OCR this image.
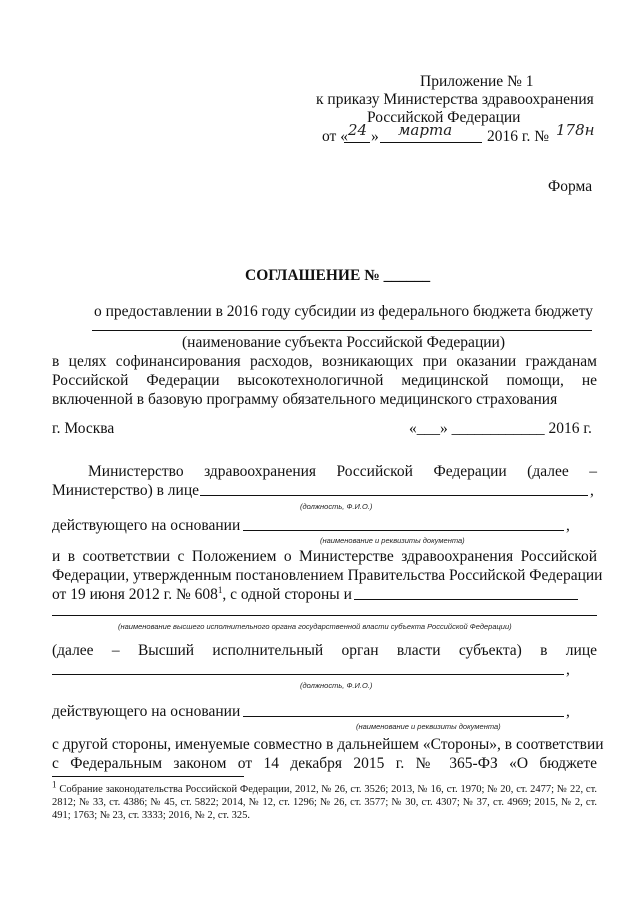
Приложение № 1
к приказу Министерства здравоохранения
Российской Федерации
от « 24 » марта 2016 г. № 178н
Форма
СОГЛАШЕНИЕ № ______
о предоставлении в 2016 году субсидии из федерального бюджета бюджету
(наименование субъекта Российской Федерации)
в целях софинансирования расходов, возникающих при оказании гражданам
Российской Федерации высокотехнологичной медицинской помощи, не
включенной в базовую программу обязательного медицинского страхования
г. Москва	«___» ____________ 2016 г.
Министерство здравоохранения Российской Федерации (далее –
Министерство) в лице	,
(должность, Ф.И.О.)
действующего на основании	,
(наименование и реквизиты документа)
и в соответствии с Положением о Министерстве здравоохранения Российской
Федерации, утвержденным постановлением Правительства Российской Федерации
от 19 июня 2012 г. № $608^1$, с одной стороны и
(наименование высшего исполнительного органа государственной власти субъекта Российской Федерации)
(далее – Высший исполнительный орган власти субъекта) в лице
,
(должность, Ф.И.О.)
действующего на основании	,
(наименование и реквизиты документа)
с другой стороны, именуемые совместно в дальнейшем «Стороны», в соответствии
с Федеральным законом от 14 декабря 2015 г. № 365-ФЗ «О бюджете
$^1$ Собрание законодательства Российской Федерации, 2012, № 26, ст. 3526; 2013, № 16, ст. 1970; № 20, ст. 2477; № 22, ст. 2812; № 33, ст. 4386; № 45, ст. 5822; 2014, № 12, ст. 1296; № 26, ст. 3577; № 30, ст. 4307; № 37, ст. 4969; 2015, № 2, ст. 491; 1763; № 23, ст. 3333; 2016, № 2, ст. 325.
